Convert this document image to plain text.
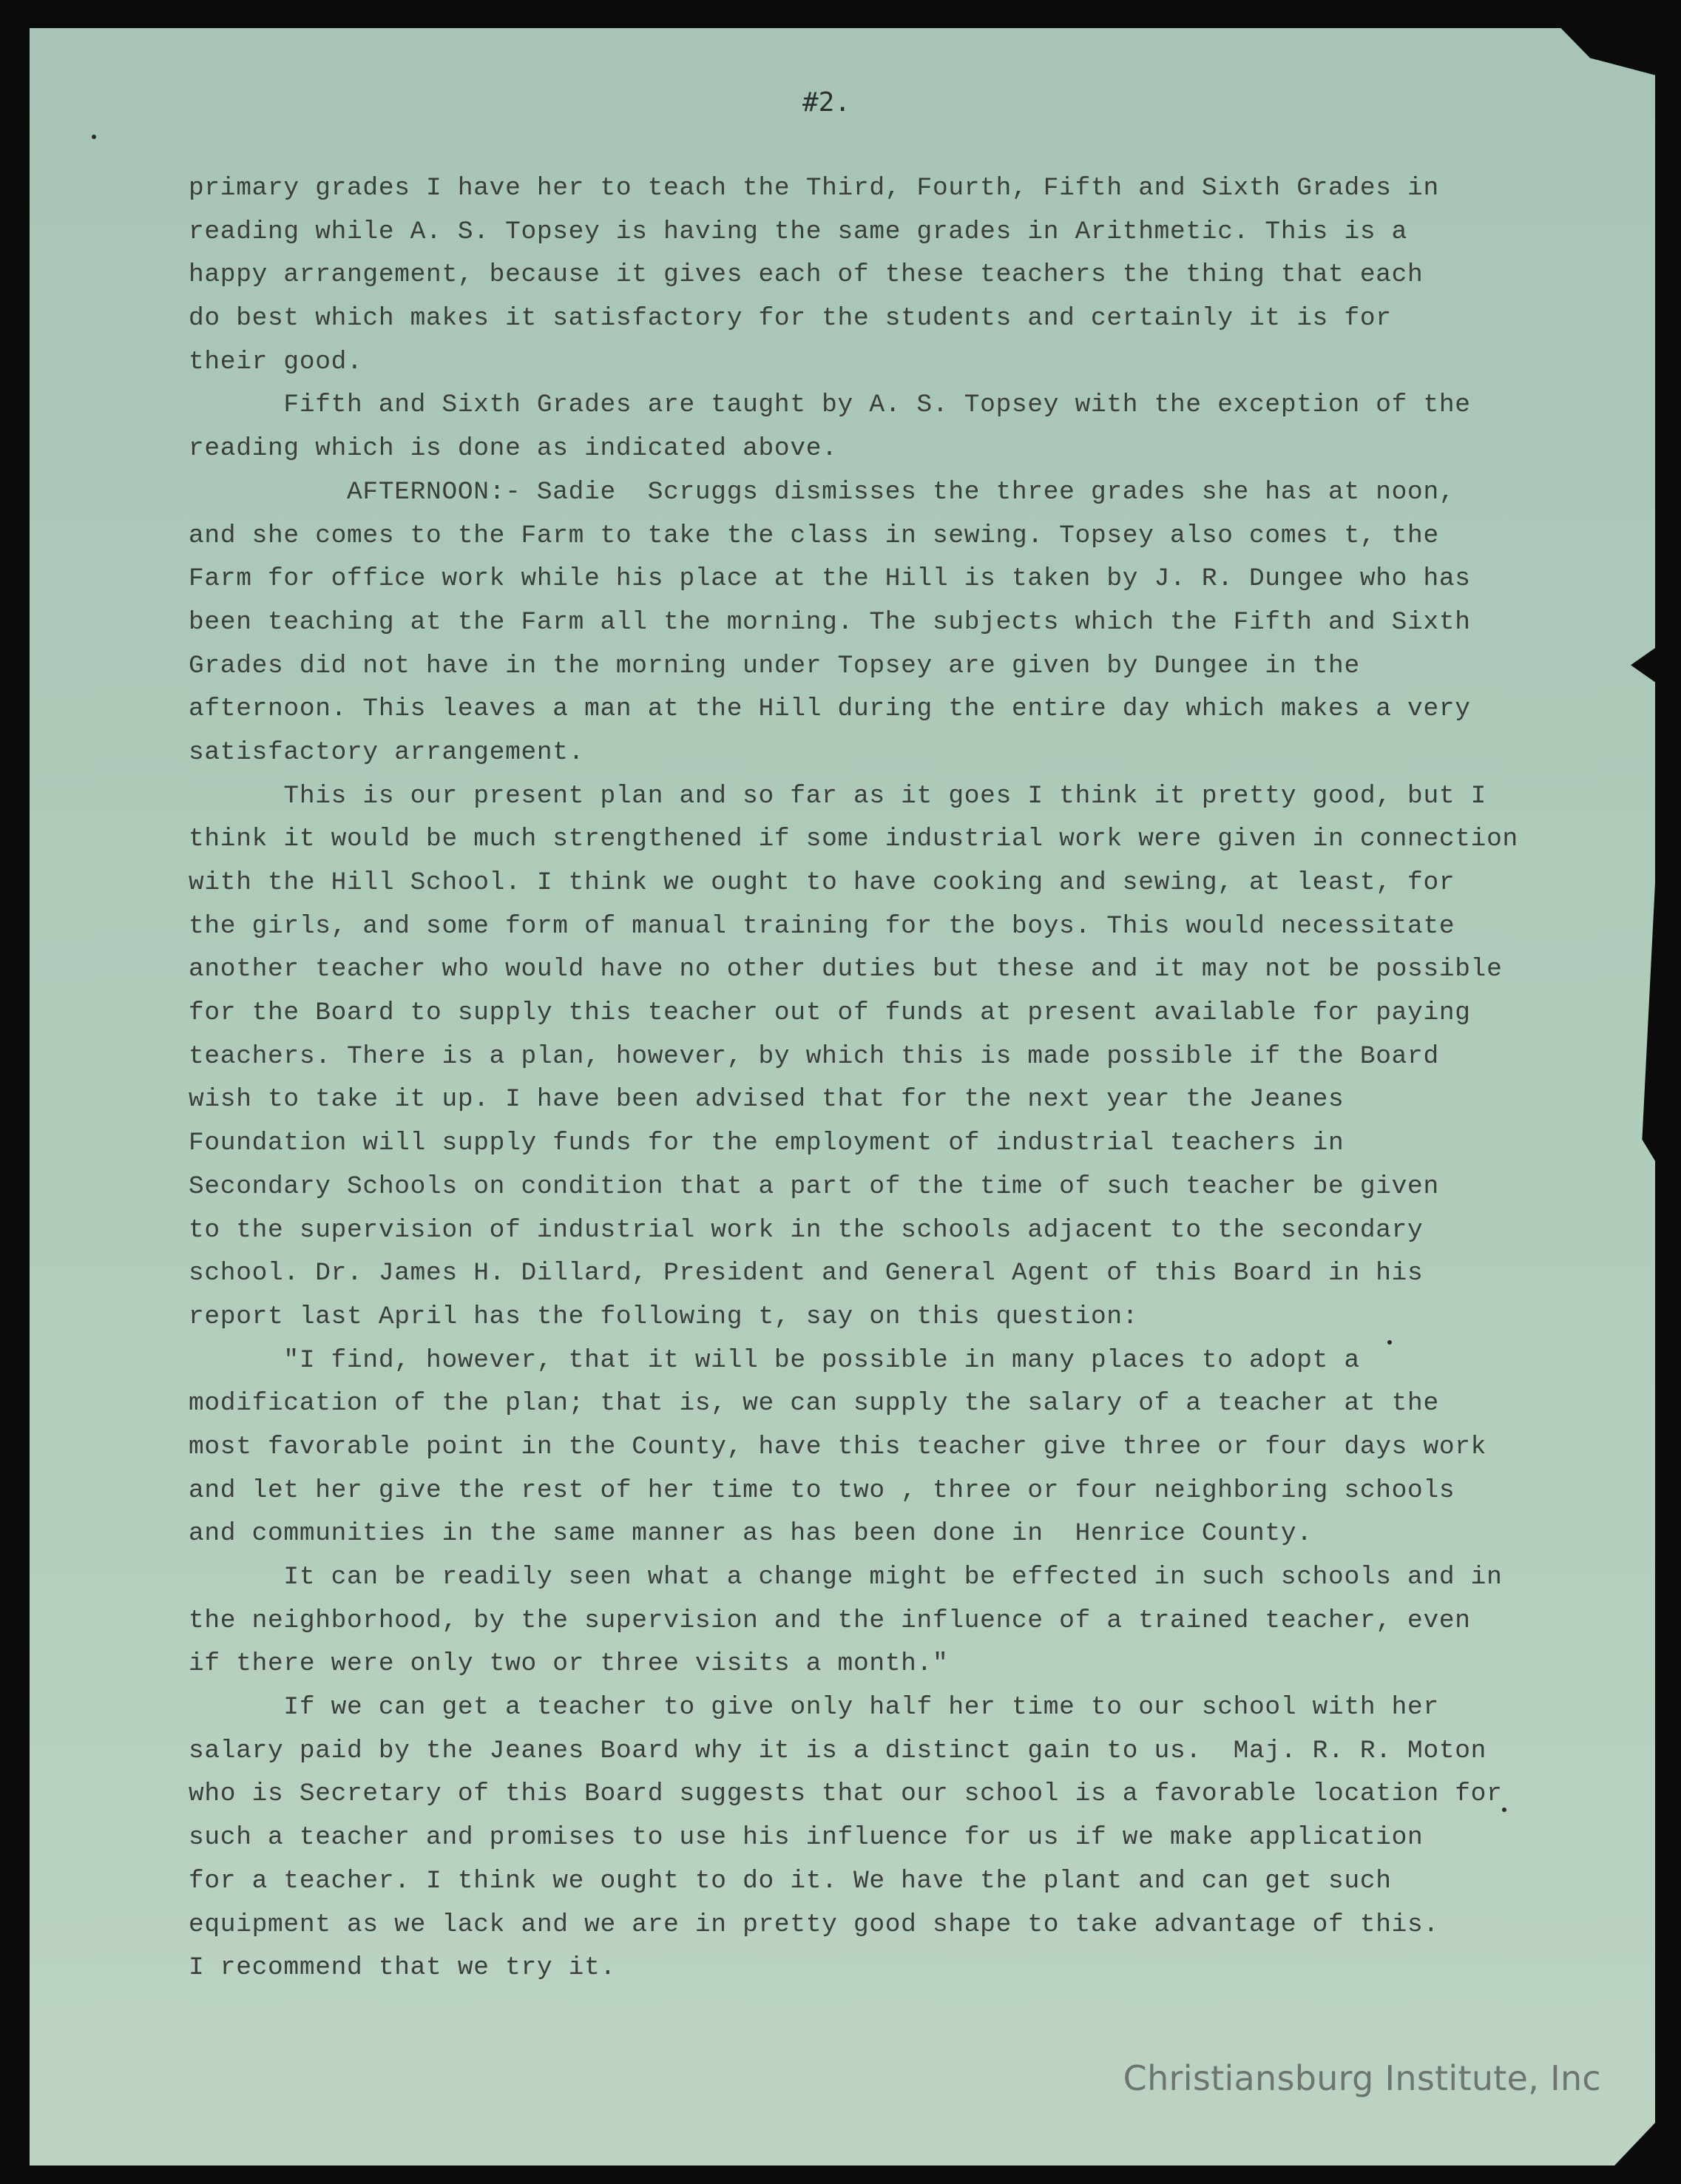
#2.
primary grades I have her to teach the Third, Fourth, Fifth and Sixth Grades in
reading while A. S. Topsey is having the same grades in Arithmetic. This is a
happy arrangement, because it gives each of these teachers the thing that each
do best which makes it satisfactory for the students and certainly it is for
their good.
Fifth and Sixth Grades are taught by A. S. Topsey with the exception of the
reading which is done as indicated above.
AFTERNOON:- Sadie  Scruggs dismisses the three grades she has at noon,
and she comes to the Farm to take the class in sewing. Topsey also comes t, the
Farm for office work while his place at the Hill is taken by J. R. Dungee who has
been teaching at the Farm all the morning. The subjects which the Fifth and Sixth
Grades did not have in the morning under Topsey are given by Dungee in the
afternoon. This leaves a man at the Hill during the entire day which makes a very
satisfactory arrangement.
This is our present plan and so far as it goes I think it pretty good, but I
think it would be much strengthened if some industrial work were given in connection
with the Hill School. I think we ought to have cooking and sewing, at least, for
the girls, and some form of manual training for the boys. This would necessitate
another teacher who would have no other duties but these and it may not be possible
for the Board to supply this teacher out of funds at present available for paying
teachers. There is a plan, however, by which this is made possible if the Board
wish to take it up. I have been advised that for the next year the Jeanes
Foundation will supply funds for the employment of industrial teachers in
Secondary Schools on condition that a part of the time of such teacher be given
to the supervision of industrial work in the schools adjacent to the secondary
school. Dr. James H. Dillard, President and General Agent of this Board in his
report last April has the following t, say on this question:
"I find, however, that it will be possible in many places to adopt a
modification of the plan; that is, we can supply the salary of a teacher at the
most favorable point in the County, have this teacher give three or four days work
and let her give the rest of her time to two , three or four neighboring schools
and communities in the same manner as has been done in  Henrice County.
It can be readily seen what a change might be effected in such schools and in
the neighborhood, by the supervision and the influence of a trained teacher, even
if there were only two or three visits a month."
If we can get a teacher to give only half her time to our school with her
salary paid by the Jeanes Board why it is a distinct gain to us.  Maj. R. R. Moton
who is Secretary of this Board suggests that our school is a favorable location for
such a teacher and promises to use his influence for us if we make application
for a teacher. I think we ought to do it. We have the plant and can get such
equipment as we lack and we are in pretty good shape to take advantage of this.
I recommend that we try it.
Christiansburg Institute, Inc
